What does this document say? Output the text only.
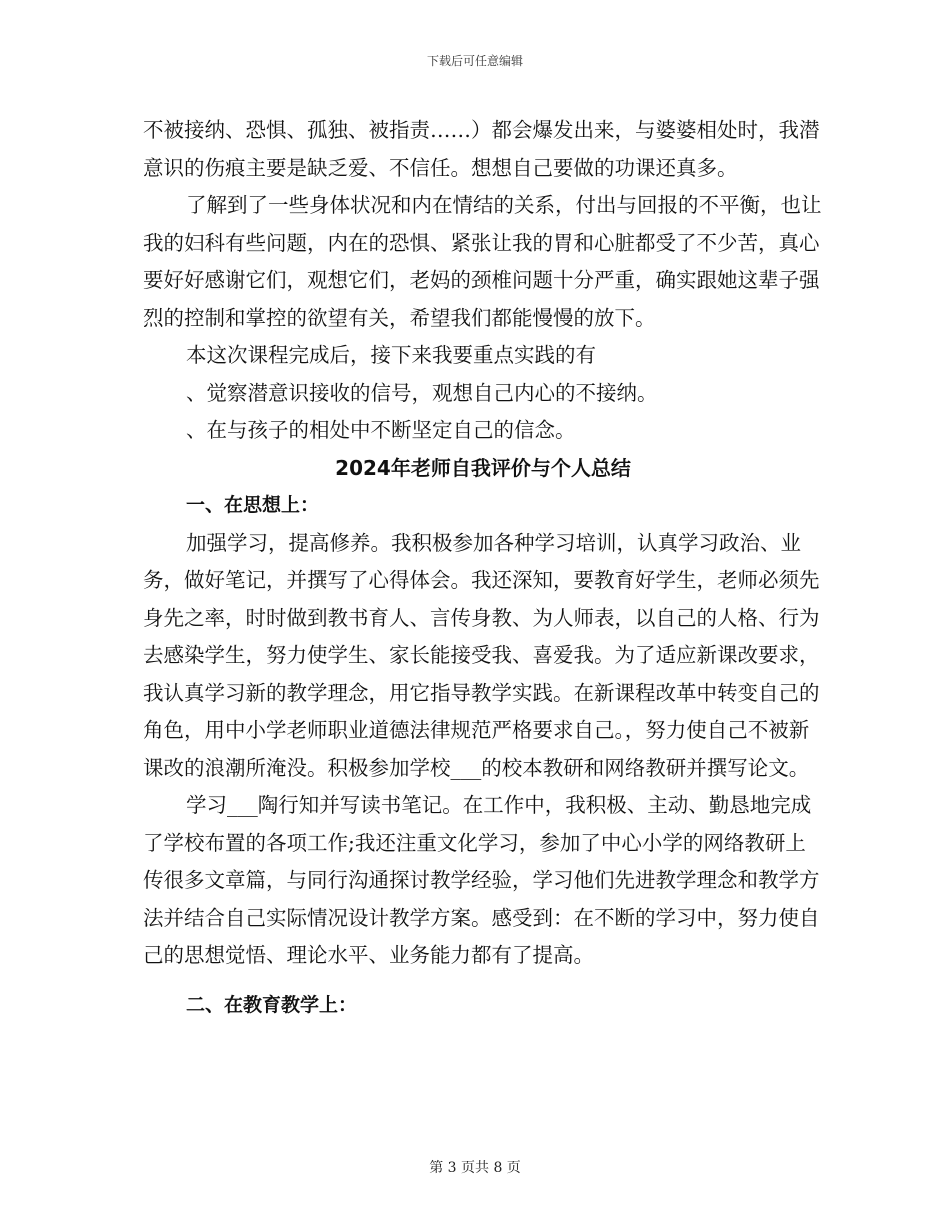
下载后可任意编辑

不被接纳、恐惧、孤独、被指责……）都会爆发出来，与婆婆相处时，我潜意识的伤痕主要是缺乏爱、不信任。想想自己要做的功课还真多。

了解到了一些身体状况和内在情结的关系，付出与回报的不平衡，也让我的妇科有些问题，内在的恐惧、紧张让我的胃和心脏都受了不少苦，真心要好好感谢它们，观想它们，老妈的颈椎问题十分严重，确实跟她这辈子强烈的控制和掌控的欲望有关，希望我们都能慢慢的放下。

本这次课程完成后，接下来我要重点实践的有

、觉察潜意识接收的信号，观想自己内心的不接纳。

、在与孩子的相处中不断坚定自己的信念。

2024年老师自我评价与个人总结

一、在思想上：

加强学习，提高修养。我积极参加各种学习培训，认真学习政治、业务，做好笔记，并撰写了心得体会。我还深知，要教育好学生，老师必须先身先之率，时时做到教书育人、言传身教、为人师表，以自己的人格、行为去感染学生，努力使学生、家长能接受我、喜爱我。为了适应新课改要求，我认真学习新的教学理念，用它指导教学实践。在新课程改革中转变自己的角色，用中小学老师职业道德法律规范严格要求自己。，努力使自己不被新课改的浪潮所淹没。积极参加学校___的校本教研和网络教研并撰写论文。

学习___陶行知并写读书笔记。在工作中，我积极、主动、勤恳地完成了学校布置的各项工作;我还注重文化学习，参加了中心小学的网络教研上传很多文章篇，与同行沟通探讨教学经验，学习他们先进教学理念和教学方法并结合自己实际情况设计教学方案。感受到：在不断的学习中，努力使自己的思想觉悟、理论水平、业务能力都有了提高。

二、在教育教学上：

第 3 页共 8 页
